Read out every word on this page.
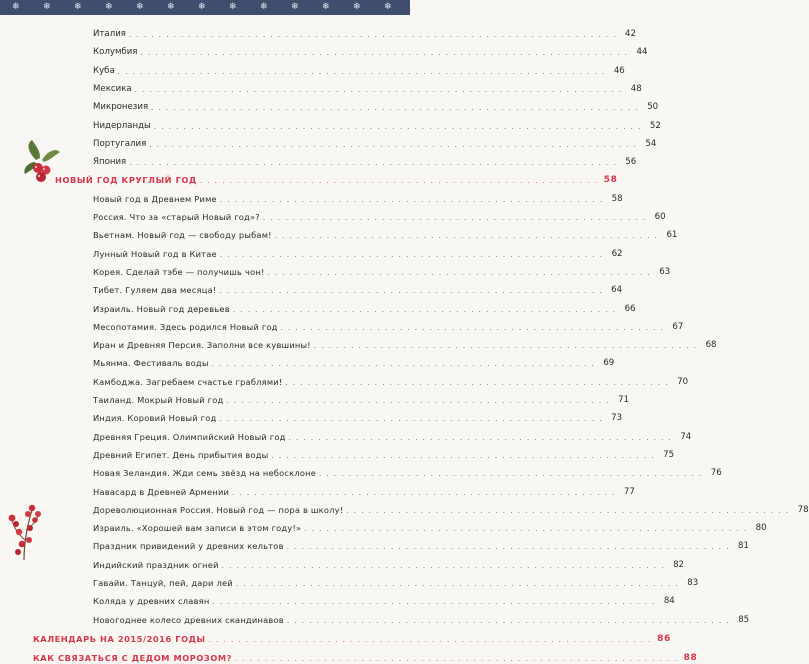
❄	❄	❄	❄	❄	❄	❄	❄	❄	❄	❄	❄	❄
Италия . . . . . . . . . . . . . . . . . . . . . . . . . . . . . . . . . . . . . . . . . . . . . . . . . . . . . . . . . . . . . . . . . . 42
Колумбия . . . . . . . . . . . . . . . . . . . . . . . . . . . . . . . . . . . . . . . . . . . . . . . . . . . . . . . . . . . . . . . . . . 44
Куба . . . . . . . . . . . . . . . . . . . . . . . . . . . . . . . . . . . . . . . . . . . . . . . . . . . . . . . . . . . . . . . . . . 46
Мексика . . . . . . . . . . . . . . . . . . . . . . . . . . . . . . . . . . . . . . . . . . . . . . . . . . . . . . . . . . . . . . . . . . 48
Микронезия . . . . . . . . . . . . . . . . . . . . . . . . . . . . . . . . . . . . . . . . . . . . . . . . . . . . . . . . . . . . . . . . . . 50
Нидерланды . . . . . . . . . . . . . . . . . . . . . . . . . . . . . . . . . . . . . . . . . . . . . . . . . . . . . . . . . . . . . . . . . . 52
Португалия . . . . . . . . . . . . . . . . . . . . . . . . . . . . . . . . . . . . . . . . . . . . . . . . . . . . . . . . . . . . . . . . . . 54
Япония . . . . . . . . . . . . . . . . . . . . . . . . . . . . . . . . . . . . . . . . . . . . . . . . . . . . . . . . . . . . . . . . . . 56
НОВЫЙ ГОД КРУГЛЫЙ ГОД . . . . . . . . . . . . . . . . . . . . . . . . . . . . . . . . . . . . . . . . . . . . . . . . . . . . . . 58
Новый год в Древнем Риме . . . . . . . . . . . . . . . . . . . . . . . . . . . . . . . . . . . . . . . . . . . . . . . . . . . . 58
Россия. Что за «старый Новый год»? . . . . . . . . . . . . . . . . . . . . . . . . . . . . . . . . . . . . . . . . . . . . . . . . . . . . 60
Вьетнам. Новый год — свободу рыбам! . . . . . . . . . . . . . . . . . . . . . . . . . . . . . . . . . . . . . . . . . . . . . . . . . . . . 61
Лунный Новый год в Китае . . . . . . . . . . . . . . . . . . . . . . . . . . . . . . . . . . . . . . . . . . . . . . . . . . . . 62
Корея. Сделай тэбе — получишь чон! . . . . . . . . . . . . . . . . . . . . . . . . . . . . . . . . . . . . . . . . . . . . . . . . . . . . 63
Тибет. Гуляем два месяца! . . . . . . . . . . . . . . . . . . . . . . . . . . . . . . . . . . . . . . . . . . . . . . . . . . . . 64
Израиль. Новый год деревьев . . . . . . . . . . . . . . . . . . . . . . . . . . . . . . . . . . . . . . . . . . . . . . . . . . . . 66
Месопотамия. Здесь родился Новый год . . . . . . . . . . . . . . . . . . . . . . . . . . . . . . . . . . . . . . . . . . . . . . . . . . . . 67
Иран и Древняя Персия. Заполни все кувшины! . . . . . . . . . . . . . . . . . . . . . . . . . . . . . . . . . . . . . . . . . . . . . . . . . . . . 68
Мьянма. Фестиваль воды . . . . . . . . . . . . . . . . . . . . . . . . . . . . . . . . . . . . . . . . . . . . . . . . . . . . 69
Камбоджа. Загребаем счастье граблями! . . . . . . . . . . . . . . . . . . . . . . . . . . . . . . . . . . . . . . . . . . . . . . . . . . . . 70
Таиланд. Мокрый Новый год . . . . . . . . . . . . . . . . . . . . . . . . . . . . . . . . . . . . . . . . . . . . . . . . . . . . 71
Индия. Коровий Новый год . . . . . . . . . . . . . . . . . . . . . . . . . . . . . . . . . . . . . . . . . . . . . . . . . . . . 73
Древняя Греция. Олимпийский Новый год . . . . . . . . . . . . . . . . . . . . . . . . . . . . . . . . . . . . . . . . . . . . . . . . . . . . 74
Древний Египет. День прибытия воды . . . . . . . . . . . . . . . . . . . . . . . . . . . . . . . . . . . . . . . . . . . . . . . . . . . . 75
Новая Зеландия. Жди семь звёзд на небосклоне . . . . . . . . . . . . . . . . . . . . . . . . . . . . . . . . . . . . . . . . . . . . . . . . . . . . 76
Навасард в Древней Армении . . . . . . . . . . . . . . . . . . . . . . . . . . . . . . . . . . . . . . . . . . . . . . . . . . . . 77
Дореволюционная Россия. Новый год — пора в школу! . . . . . . . . . . . . . . . . . . . . . . . . . . . . . . . . . . . . . . . . . . . . . . . . . . . . . . . . . . . . 78
Израиль. «Хорошей вам записи в этом году!» . . . . . . . . . . . . . . . . . . . . . . . . . . . . . . . . . . . . . . . . . . . . . . . . . . . . . . . . . . . . 80
Праздник привидений у древних кельтов . . . . . . . . . . . . . . . . . . . . . . . . . . . . . . . . . . . . . . . . . . . . . . . . . . . . . . . . . . . . 81
Индийский праздник огней . . . . . . . . . . . . . . . . . . . . . . . . . . . . . . . . . . . . . . . . . . . . . . . . . . . . . . . . . . . . 82
Гавайи. Танцуй, пей, дари лей . . . . . . . . . . . . . . . . . . . . . . . . . . . . . . . . . . . . . . . . . . . . . . . . . . . . . . . . . . . . 83
Коляда у древних славян . . . . . . . . . . . . . . . . . . . . . . . . . . . . . . . . . . . . . . . . . . . . . . . . . . . . . . . . . . . . 84
Новогоднее колесо древних скандинавов . . . . . . . . . . . . . . . . . . . . . . . . . . . . . . . . . . . . . . . . . . . . . . . . . . . . . . . . . . . . 85
КАЛЕНДАРЬ НА 2015/2016 ГОДЫ . . . . . . . . . . . . . . . . . . . . . . . . . . . . . . . . . . . . . . . . . . . . . . . . . . . . . . . . . . . . 86
КАК СВЯЗАТЬСЯ С ДЕДОМ МОРОЗОМ? . . . . . . . . . . . . . . . . . . . . . . . . . . . . . . . . . . . . . . . . . . . . . . . . . . . . . . . . . . . . 88
